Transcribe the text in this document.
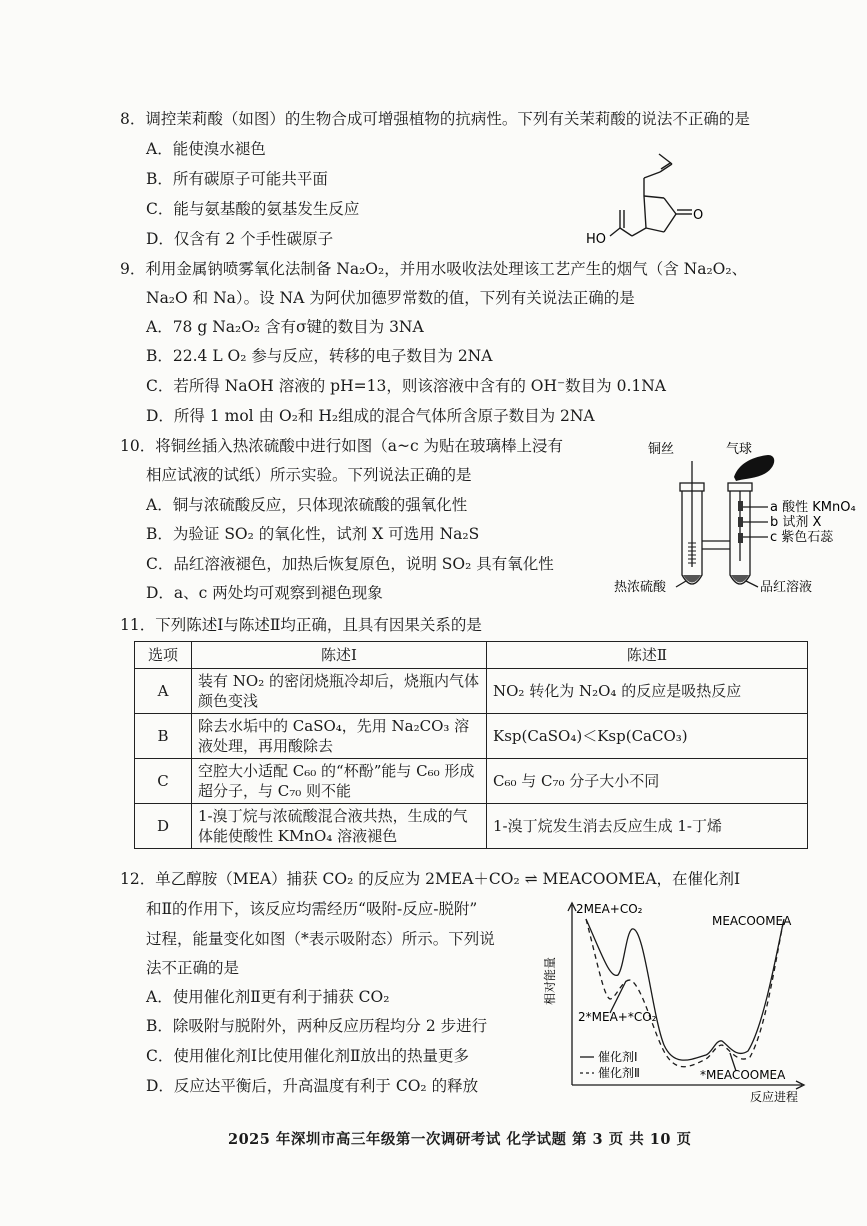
8．调控茉莉酸（如图）的生物合成可增强植物的抗病性。下列有关茉莉酸的说法不正确的是
A．能使溴水褪色
B．所有碳原子可能共平面
C．能与氨基酸的氨基发生反应
D．仅含有 2 个手性碳原子
O
HO
9．利用金属钠喷雾氧化法制备 Na₂O₂，并用水吸收法处理该工艺产生的烟气（含 Na₂O₂、
Na₂O 和 Na）。设 NA 为阿伏加德罗常数的值，下列有关说法正确的是
A．78 g Na₂O₂ 含有σ键的数目为 3NA
B．22.4 L O₂ 参与反应，转移的电子数目为 2NA
C．若所得 NaOH 溶液的 pH=13，则该溶液中含有的 OH⁻数目为 0.1NA
D．所得 1 mol 由 O₂和 H₂组成的混合气体所含原子数目为 2NA
10．将铜丝插入热浓硫酸中进行如图（a~c 为贴在玻璃棒上浸有
相应试液的试纸）所示实验。下列说法正确的是
A．铜与浓硫酸反应，只体现浓硫酸的强氧化性
B．为验证 SO₂ 的氧化性，试剂 X 可选用 Na₂S
C．品红溶液褪色，加热后恢复原色，说明 SO₂ 具有氧化性
D．a、c 两处均可观察到褪色现象
铜丝	气球
a 酸性 KMnO₄
b 试剂 X
c 紫色石蕊
热浓硫酸	品红溶液
11．下列陈述Ⅰ与陈述Ⅱ均正确，且具有因果关系的是
选项	陈述Ⅰ	陈述Ⅱ
A	装有 NO₂ 的密闭烧瓶冷却后，烧瓶内气体颜色变浅	NO₂ 转化为 N₂O₄ 的反应是吸热反应
B	除去水垢中的 CaSO₄，先用 Na₂CO₃ 溶液处理，再用酸除去	Ksp(CaSO₄)＜Ksp(CaCO₃)
C	空腔大小适配 C₆₀ 的“杯酚”能与 C₆₀ 形成超分子，与 C₇₀ 则不能	C₆₀ 与 C₇₀ 分子大小不同
D	1-溴丁烷与浓硫酸混合液共热，生成的气体能使酸性 KMnO₄ 溶液褪色	1-溴丁烷发生消去反应生成 1-丁烯
12．单乙醇胺（MEA）捕获 CO₂ 的反应为 2MEA＋CO₂ ⇌ MEACOOMEA，在催化剂Ⅰ
和Ⅱ的作用下，该反应均需经历“吸附-反应-脱附”
过程，能量变化如图（*表示吸附态）所示。下列说
法不正确的是
A．使用催化剂Ⅱ更有利于捕获 CO₂
B．除吸附与脱附外，两种反应历程均分 2 步进行
C．使用催化剂Ⅰ比使用催化剂Ⅱ放出的热量更多
D．反应达平衡后，升高温度有利于 CO₂ 的释放
2MEA+CO₂
MEACOOMEA
2*MEA+*CO₂
*MEACOOMEA
反应进程
相对能量
催化剂Ⅰ
催化剂Ⅱ
2025 年深圳市高三年级第一次调研考试 化学试题 第 3 页 共 10 页
